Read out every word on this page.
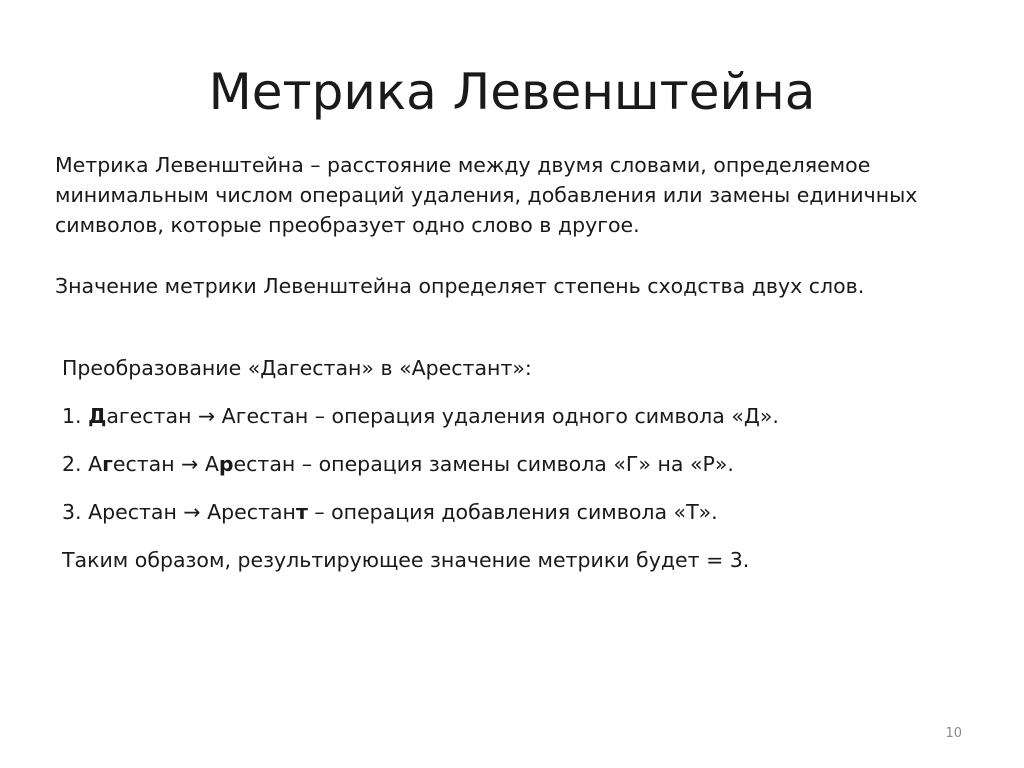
Метрика Левенштейна

Метрика Левенштейна – расстояние между двумя словами, определяемое минимальным числом операций удаления, добавления или замены единичных символов, которые преобразует одно слово в другое.

Значение метрики Левенштейна определяет степень сходства двух слов.

Преобразование «Дагестан» в «Арестант»:
1. Дагестан → Агестан – операция удаления одного символа «Д».
2. Агестан → Арестан – операция замены символа «Г» на «Р».
3. Арестан → Арестант – операция добавления символа «Т».
Таким образом, результирующее значение метрики будет = 3.
10
